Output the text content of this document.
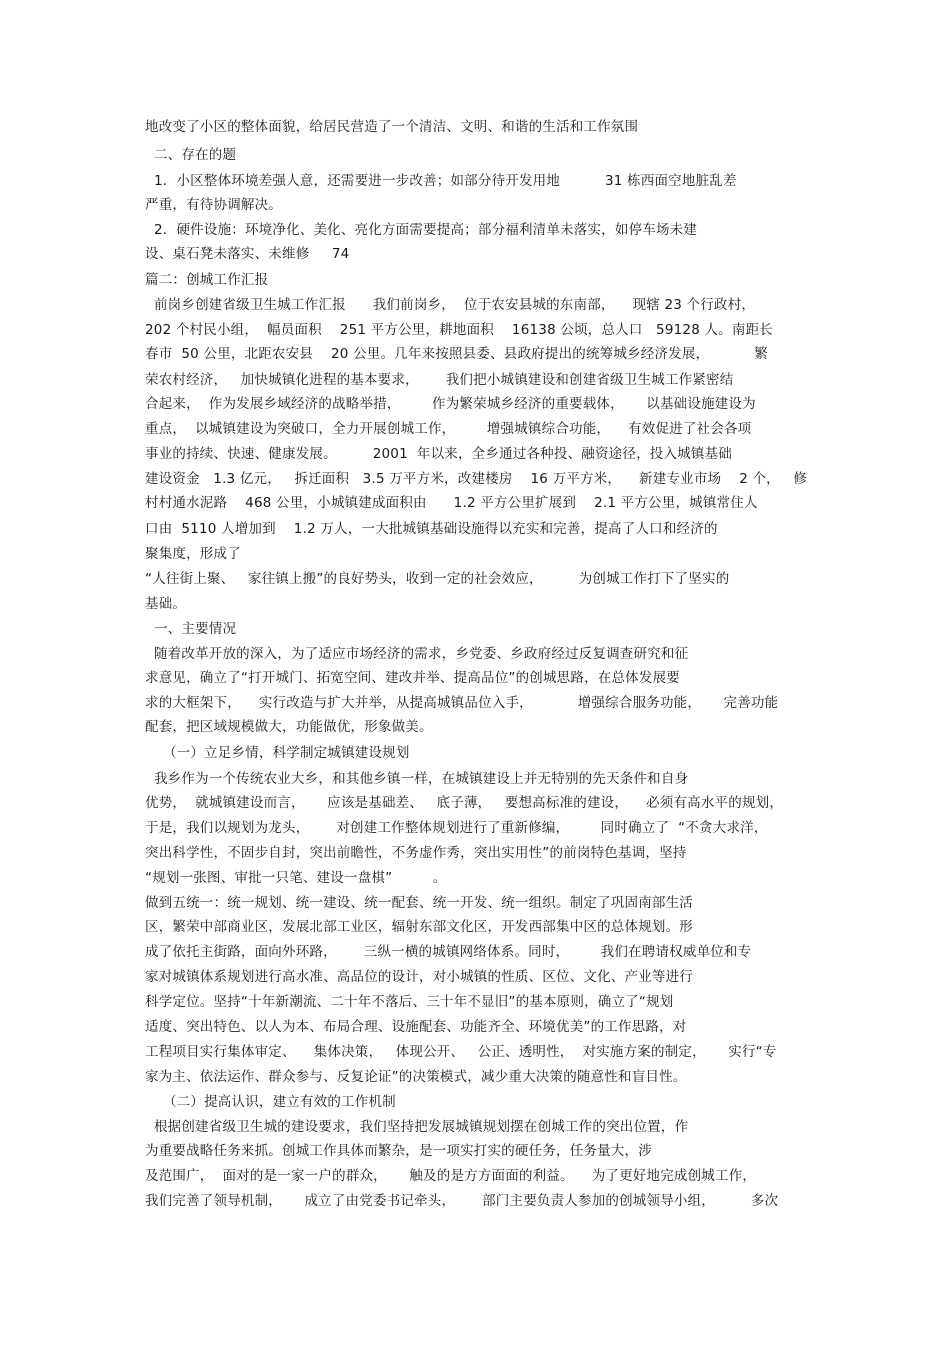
地改变了小区的整体面貌，给居民营造了一个清洁、文明、和谐的生活和工作氛围
二、存在的题
1．小区整体环境差强人意，还需要进一步改善；如部分待开发用地          31 栋西面空地脏乱差
严重，有待协调解决。
2．硬件设施：环境净化、美化、亮化方面需要提高；部分福利清单未落实，如停车场未建
设、桌石凳未落实、未维修     74
篇二：创城工作汇报
前岗乡创建省级卫生城工作汇报      我们前岗乡，  位于农安县城的东南部，    现辖 23 个行政村，
202 个村民小组，  幅员面积    251 平方公里，耕地面积    16138 公顷，总人口   59128 人。南距长
春市  50 公里，北距农安县    20 公里。几年来按照县委、县政府提出的统筹城乡经济发展，          繁
荣农村经济，   加快城镇化进程的基本要求，      我们把小城镇建设和创建省级卫生城工作紧密结
合起来，  作为发展乡域经济的战略举措，       作为繁荣城乡经济的重要载体，     以基础设施建设为
重点，  以城镇建设为突破口，全力开展创城工作，       增强城镇综合功能，    有效促进了社会各项
事业的持续、快速、健康发展。        2001  年以来，全乡通过各种投、融资途径，投入城镇基础
建设资金   1.3 亿元，   拆迁面积   3.5 万平方米，改建楼房    16 万平方米，    新建专业市场    2 个，   修
村村通水泥路    468 公里，小城镇建成面积由      1.2 平方公里扩展到    2.1 平方公里，城镇常住人
口由  5110 人增加到    1.2 万人，一大批城镇基础设施得以充实和完善，提高了人口和经济的
聚集度，形成了
“人往街上聚、   家往镇上搬”的良好势头，收到一定的社会效应，        为创城工作打下了坚实的
基础。
一、主要情况
随着改革开放的深入，为了适应市场经济的需求，乡党委、乡政府经过反复调查研究和征
求意见，确立了“打开城门、拓宽空间、建改并举、提高品位”的创城思路，在总体发展要
求的大框架下，    实行改造与扩大并举，从提高城镇品位入手，          增强综合服务功能，     完善功能
配套，把区域规模做大，功能做优，形象做美。
（一）立足乡情，科学制定城镇建设规划
我乡作为一个传统农业大乡，和其他乡镇一样，在城镇建设上并无特别的先天条件和自身
优势，  就城镇建设而言，     应该是基础差、   底子薄，   要想高标准的建设，    必须有高水平的规划，
于是，我们以规划为龙头，      对创建工作整体规划进行了重新修编，       同时确立了  “不贪大求洋，
突出科学性，不固步自封，突出前瞻性，不务虚作秀，突出实用性”的前岗特色基调，坚持
“规划一张图、审批一只笔、建设一盘棋”         。
做到五统一：统一规划、统一建设、统一配套、统一开发、统一组织。制定了巩固南部生活
区，繁荣中部商业区，发展北部工业区，辐射东部文化区，开发西部集中区的总体规划。形
成了依托主街路，面向外环路，      三纵一横的城镇网络体系。同时，       我们在聘请权威单位和专
家对城镇体系规划进行高水准、高品位的设计，对小城镇的性质、区位、文化、产业等进行
科学定位。坚持“十年新潮流、二十年不落后、三十年不显旧”的基本原则，确立了“规划
适度、突出特色、以人为本、布局合理、设施配套、功能齐全、环境优美”的工作思路，对
工程项目实行集体审定、    集体决策，   体现公开、   公正、透明性，  对实施方案的制定，     实行“专
家为主、依法运作、群众参与、反复论证”的决策模式，减少重大决策的随意性和盲目性。
（二）提高认识，建立有效的工作机制
根据创建省级卫生城的建设要求，我们坚持把发展城镇规划摆在创城工作的突出位置，作
为重要战略任务来抓。创城工作具体而繁杂，是一项实打实的硬任务，任务量大，涉
及范围广，  面对的是一家一户的群众，     触及的是方方面面的利益。    为了更好地完成创城工作，
我们完善了领导机制，     成立了由党委书记牵头，      部门主要负责人参加的创城领导小组，        多次
